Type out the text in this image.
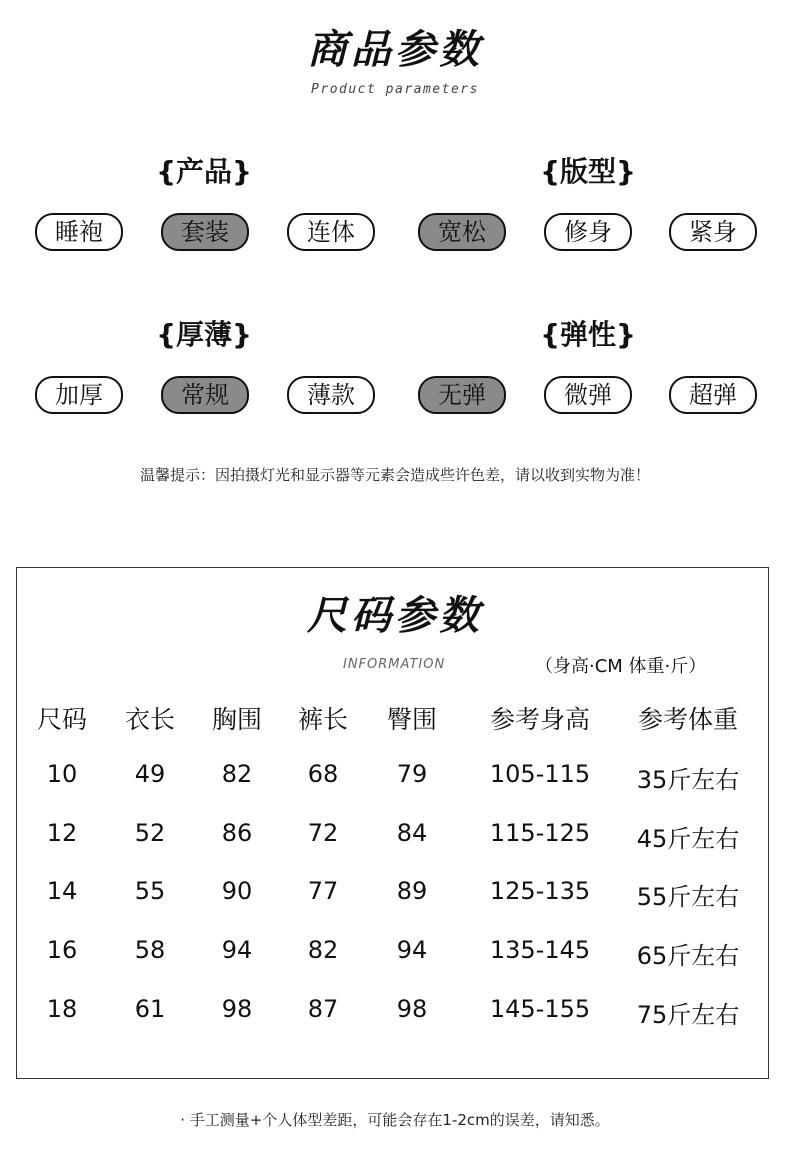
商品参数
Product parameters
{产品}	{版型}
{厚薄}	{弹性}
睡袍	套装	连体	宽松	修身	紧身
加厚	常规	薄款	无弹	微弹	超弹
温馨提示：因拍摄灯光和显示器等元素会造成些许色差，请以收到实物为准！
尺码参数
INFORMATION	（身高·CM 体重·斤）
尺码	衣长	胸围	裤长	臀围	参考身高	参考体重
10	49	82	68	79	105-115	35斤左右
12	52	86	72	84	115-125	45斤左右
14	55	90	77	89	125-135	55斤左右
16	58	94	82	94	135-145	65斤左右
18	61	98	87	98	145-155	75斤左右
· 手工测量+个人体型差距，可能会存在1-2cm的误差，请知悉。
